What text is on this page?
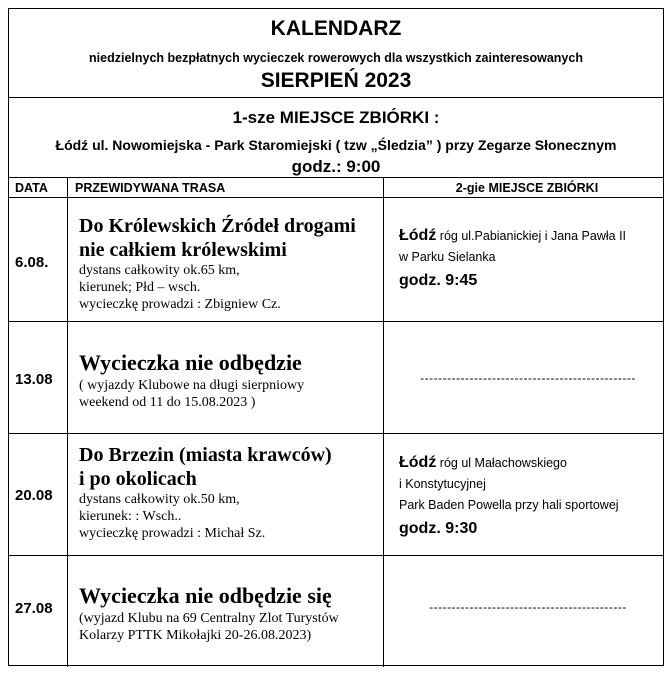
KALENDARZ
niedzielnych bezpłatnych wycieczek rowerowych dla wszystkich zainteresowanych
SIERPIEŃ 2023
1-sze MIEJSCE ZBIÓRKI :
Łódź ul. Nowomiejska - Park Staromiejski ( tzw „Śledzia” ) przy Zegarze Słonecznym
godz.: 9:00
DATA PRZEWIDYWANA TRASA	2-gie MIEJSCE ZBIÓRKI
6.08.
Do Królewskich Źródeł drogami
nie całkiem królewskimi
dystans całkowity ok.65 km,
kierunek; Płd – wsch.
wycieczkę prowadzi : Zbigniew Cz.
Łódź róg ul.Pabianickiej i Jana Pawła II
w Parku Sielanka
godz. 9:45
13.08
Wycieczka nie odbędzie
( wyjazdy Klubowe na długi sierpniowy
weekend od 11 do 15.08.2023 )
------------------------------------------------
20.08
Do Brzezin (miasta krawców)
i po okolicach
dystans całkowity ok.50 km,
kierunek: : Wsch..
wycieczkę prowadzi : Michał Sz.
Łódź róg ul Małachowskiego
i Konstytucyjnej
Park Baden Powella przy hali sportowej
godz. 9:30
27.08
Wycieczka nie odbędzie się
(wyjazd Klubu na 69 Centralny Zlot Turystów
Kolarzy PTTK Mikołajki 20-26.08.2023)
--------------------------------------------
